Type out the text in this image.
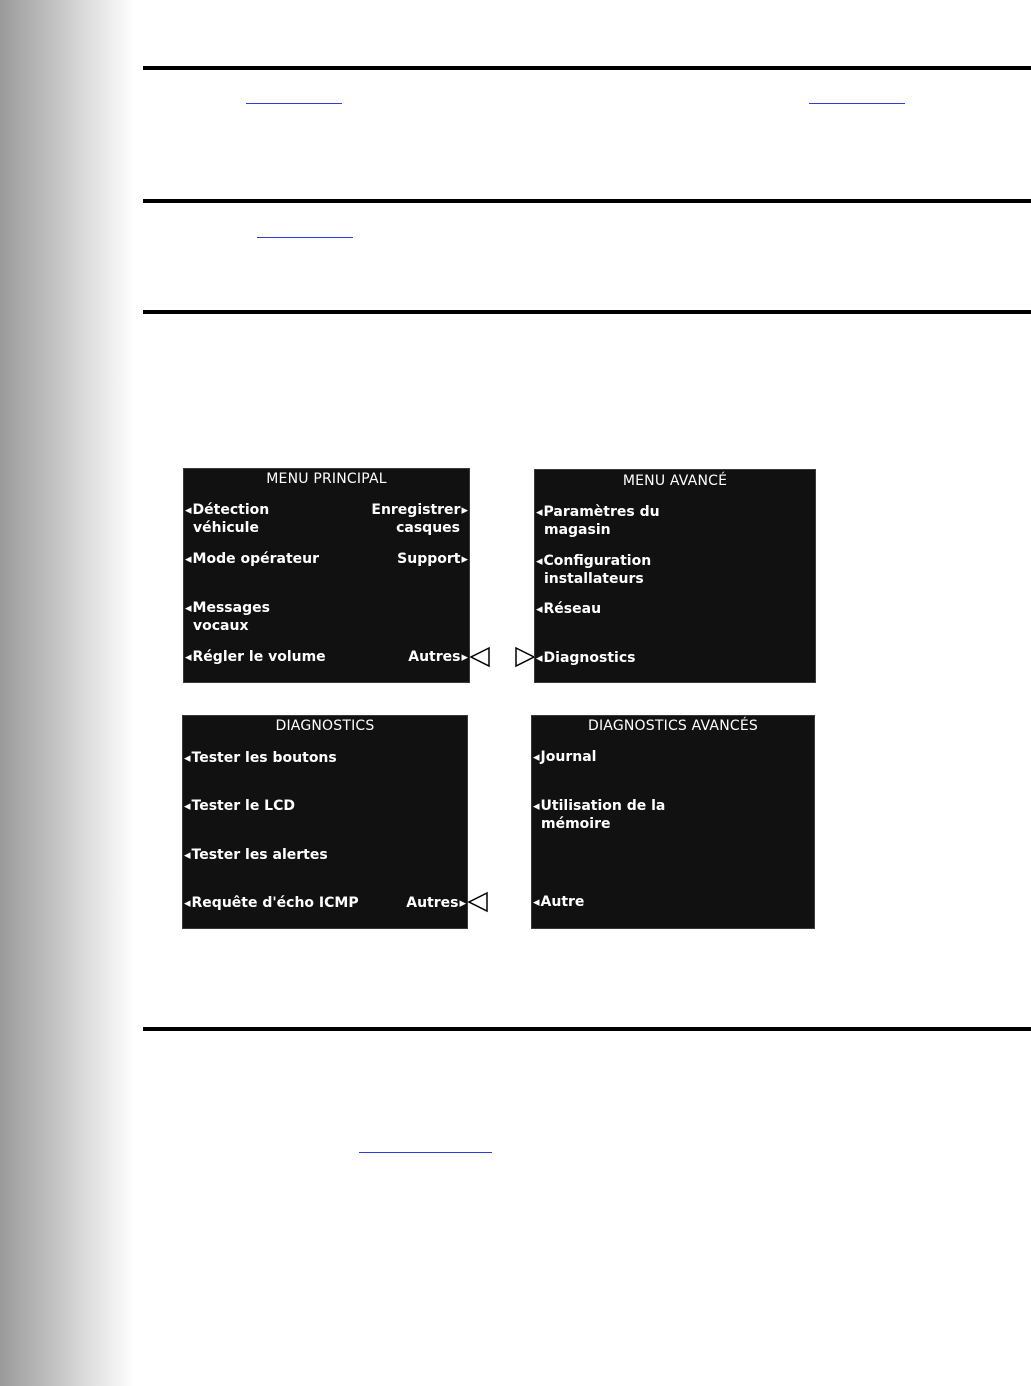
MENU PRINCIPAL
◂ Détection
véhicule
Enregistrer ▸
casques
◂ Mode opérateur	Support ▸
◂ Messages
vocaux
◂ Régler le volume	Autres ▸
MENU AVANCÉ
◂ Paramètres du
magasin
◂ Configuration
installateurs
◂ Réseau
◂ Diagnostics
DIAGNOSTICS
◂ Tester les boutons
◂ Tester le LCD
◂ Tester les alertes
◂ Requête d'écho ICMP	Autres ▸
DIAGNOSTICS AVANCÉS
◂ Journal
◂ Utilisation de la
mémoire
◂ Autre
